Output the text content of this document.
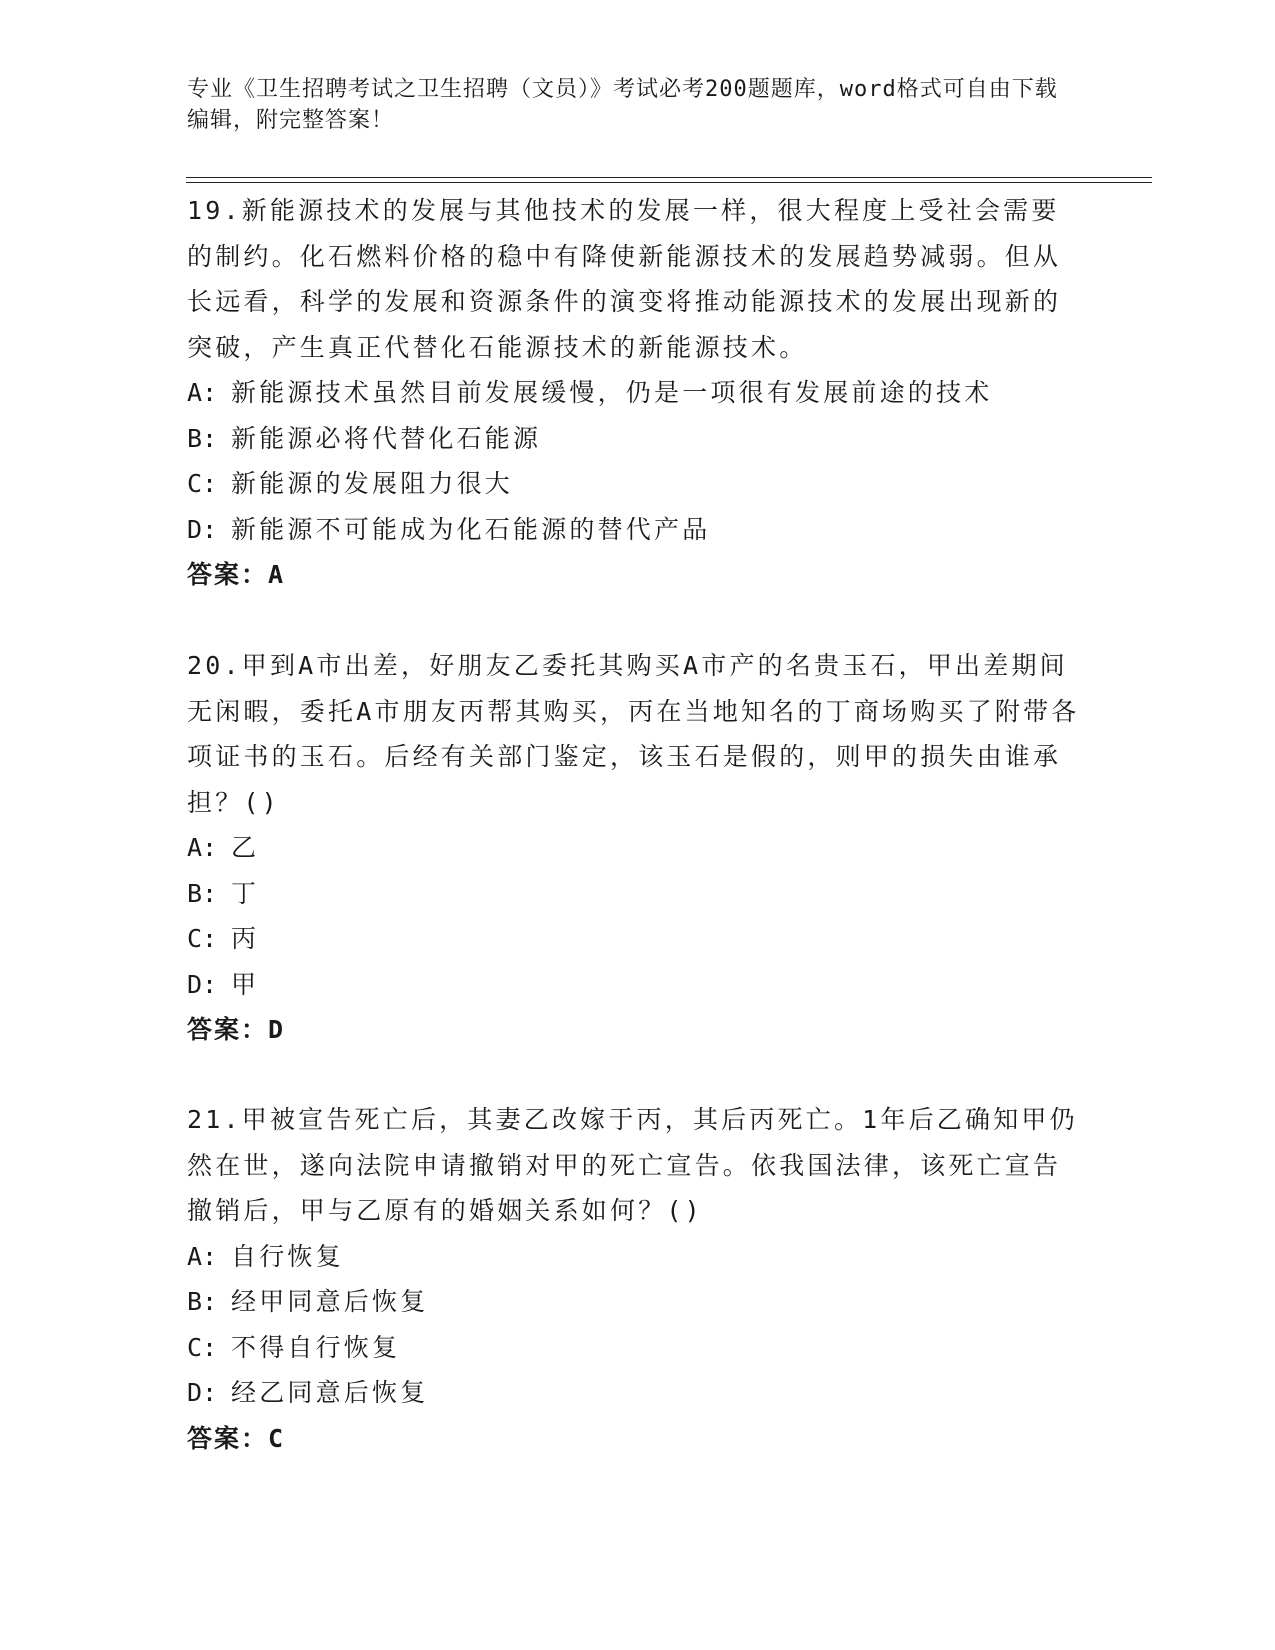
专业《卫生招聘考试之卫生招聘（文员）》考试必考200题题库，word格式可自由下载编辑，附完整答案！

19.新能源技术的发展与其他技术的发展一样，很大程度上受社会需要的制约。化石燃料价格的稳中有降使新能源技术的发展趋势减弱。但从长远看，科学的发展和资源条件的演变将推动能源技术的发展出现新的突破，产生真正代替化石能源技术的新能源技术。

A: 新能源技术虽然目前发展缓慢，仍是一项很有发展前途的技术

B: 新能源必将代替化石能源

C: 新能源的发展阻力很大

D: 新能源不可能成为化石能源的替代产品

答案：A

20.甲到A市出差，好朋友乙委托其购买A市产的名贵玉石，甲出差期间无闲暇，委托A市朋友丙帮其购买，丙在当地知名的丁商场购买了附带各项证书的玉石。后经有关部门鉴定，该玉石是假的，则甲的损失由谁承担？()

A: 乙

B: 丁

C: 丙

D: 甲

答案：D

21.甲被宣告死亡后，其妻乙改嫁于丙，其后丙死亡。1年后乙确知甲仍然在世，遂向法院申请撤销对甲的死亡宣告。依我国法律，该死亡宣告撤销后，甲与乙原有的婚姻关系如何？()

A: 自行恢复

B: 经甲同意后恢复

C: 不得自行恢复

D: 经乙同意后恢复

答案：C
